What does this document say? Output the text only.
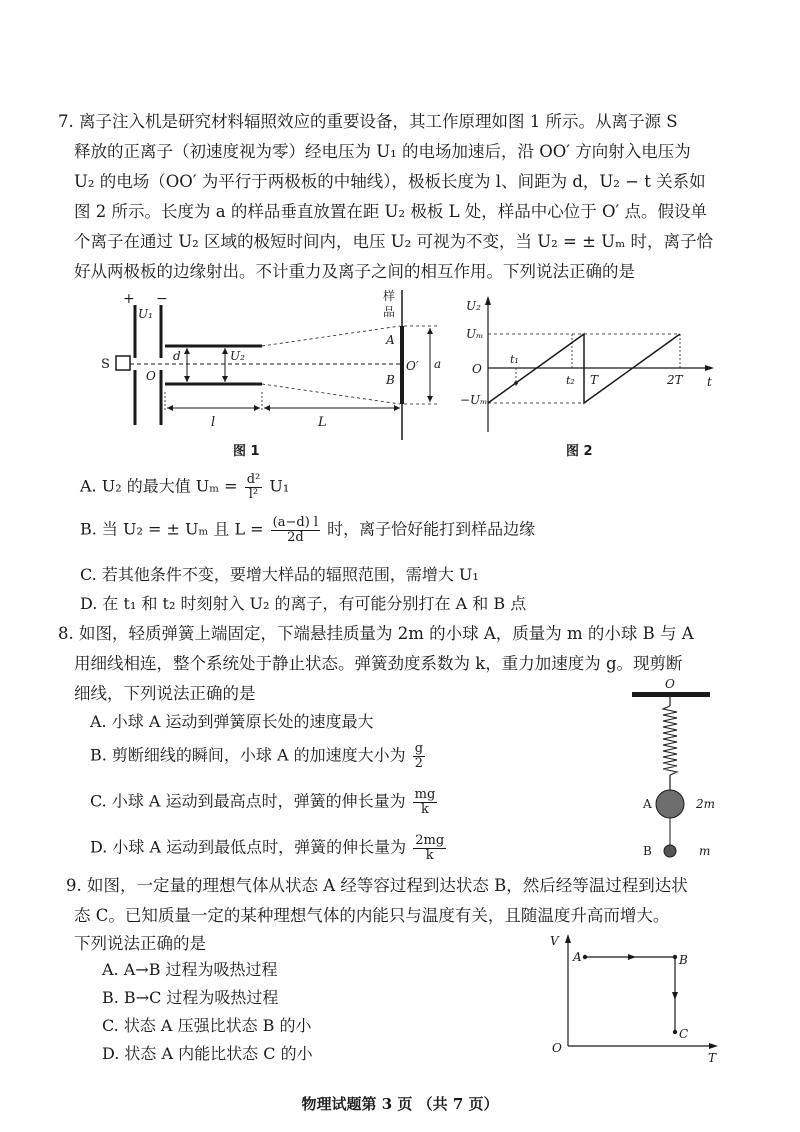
7. 离子注入机是研究材料辐照效应的重要设备，其工作原理如图 1 所示。从离子源 S
释放的正离子（初速度视为零）经电压为 U₁ 的电场加速后，沿 OO′ 方向射入电压为
U₂ 的电场（OO′ 为平行于两极板的中轴线），极板长度为 l、间距为 d，U₂ − t 关系如
图 2 所示。长度为 a 的样品垂直放置在距 U₂ 极板 L 处，样品中心位于 O′ 点。假设单
个离子在通过 U₂ 区域的极短时间内，电压 U₂ 可视为不变，当 U₂ = ± Uₘ 时，离子恰
好从两极板的边缘射出。不计重力及离子之间的相互作用。下列说法正确的是
+ −
U₁
S
O
d	U₂
样
品
A
B
O′ a
l	L
图 1
U₂
Uₘ
−Uₘ
O
t₁
t₂ T	2T t
图 2
A. U₂ 的最大值 $U_m = \frac{\text{d²}}{\text{l²}} U_1$
B. 当 U₂ = ± Uₘ 且 $L = \frac{(a-d) l}{2d}$ 时，离子恰好能打到样品边缘
C. 若其他条件不变，要增大样品的辐照范围，需增大 U₁
D. 在 t₁ 和 t₂ 时刻射入 U₂ 的离子，有可能分别打在 A 和 B 点
8. 如图，轻质弹簧上端固定，下端悬挂质量为 2m 的小球 A，质量为 m 的小球 B 与 A
用细线相连，整个系统处于静止状态。弹簧劲度系数为 k，重力加速度为 g。现剪断
细线，下列说法正确的是
A. 小球 A 运动到弹簧原长处的速度最大
B. 剪断细线的瞬间，小球 A 的加速度大小为 $\frac{g}{2}$
C. 小球 A 运动到最高点时，弹簧的伸长量为 $\frac{mg}{k}$
D. 小球 A 运动到最低点时，弹簧的伸长量为 $\frac{2mg}{k}$
O
A	2m
B	m
9. 如图，一定量的理想气体从状态 A 经等容过程到达状态 B，然后经等温过程到达状
态 C。已知质量一定的某种理想气体的内能只与温度有关，且随温度升高而增大。
下列说法正确的是
A. A→B 过程为吸热过程
B. B→C 过程为吸热过程
C. 状态 A 压强比状态 B 的小
D. 状态 A 内能比状态 C 的小
V
T
O
A	B
C
物理试题第 3 页 （共 7 页）
